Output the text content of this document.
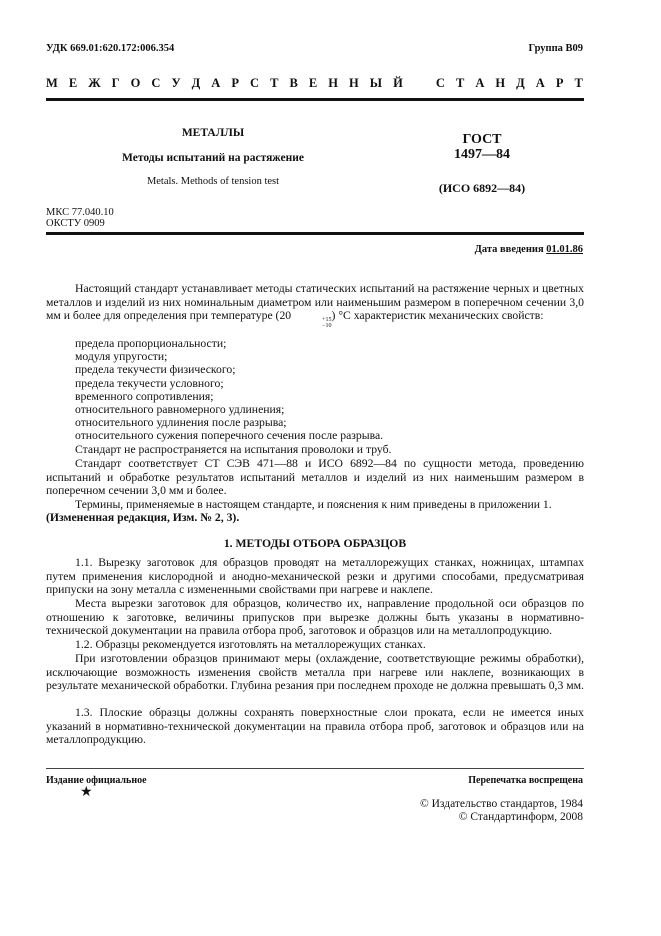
УДК 669.01:620.172:006.354	Группа В09
М Е Ж Г О С У Д А Р С Т В Е Н Н Ы Й	С Т А Н Д А Р Т
МЕТАЛЛЫ
Методы испытаний на растяжение
Metals. Methods of tension test
ГОСТ
1497—84
(ИСО 6892—84)
МКС 77.040.10
ОКСТУ 0909
Дата введения 01.01.86

Настоящий стандарт устанавливает методы статических испытаний на растяжение черных и цветных металлов и изделий из них номинальным диаметром или наименьшим размером в поперечном сечении 3,0 мм и более для определения при температуре (20	+15
−10
) °С характеристик механических свойств:

предела пропорциональности;
модуля упругости;
предела текучести физического;
предела текучести условного;
временного сопротивления;
относительного равномерного удлинения;
относительного удлинения после разрыва;
относительного сужения поперечного сечения после разрыва.

Стандарт не распространяется на испытания проволоки и труб.

Стандарт соответствует СТ СЭВ 471—88 и ИСО 6892—84 по сущности метода, проведению испытаний и обработке результатов испытаний металлов и изделий из них наименьшим размером в поперечном сечении 3,0 мм и более.

Термины, применяемые в настоящем стандарте, и пояснения к ним приведены в приложении 1.

(Измененная редакция, Изм. № 2, 3).

1. МЕТОДЫ ОТБОРА ОБРАЗЦОВ

1.1. Вырезку заготовок для образцов проводят на металлорежущих станках, ножницах, штампах путем применения кислородной и анодно-механической резки и другими способами, предусматривая припуски на зону металла с измененными свойствами при нагреве и наклепе.

Места вырезки заготовок для образцов, количество их, направление продольной оси образцов по отношению к заготовке, величины припусков при вырезке должны быть указаны в нормативно-технической документации на правила отбора проб, заготовок и образцов или на металлопродукцию.

1.2. Образцы рекомендуется изготовлять на металлорежущих станках.

При изготовлении образцов принимают меры (охлаждение, соответствующие режимы обработки), исключающие возможность изменения свойств металла при нагреве или наклепе, возникающих в результате механической обработки. Глубина резания при последнем проходе не должна превышать 0,3 мм.

1.3. Плоские образцы должны сохранять поверхностные слои проката, если не имеется иных указаний в нормативно-технической документации на правила отбора проб, заготовок и образцов или на металлопродукцию.

Издание официальное
★
Перепечатка воспрещена
© Издательство стандартов, 1984
© Стандартинформ, 2008
